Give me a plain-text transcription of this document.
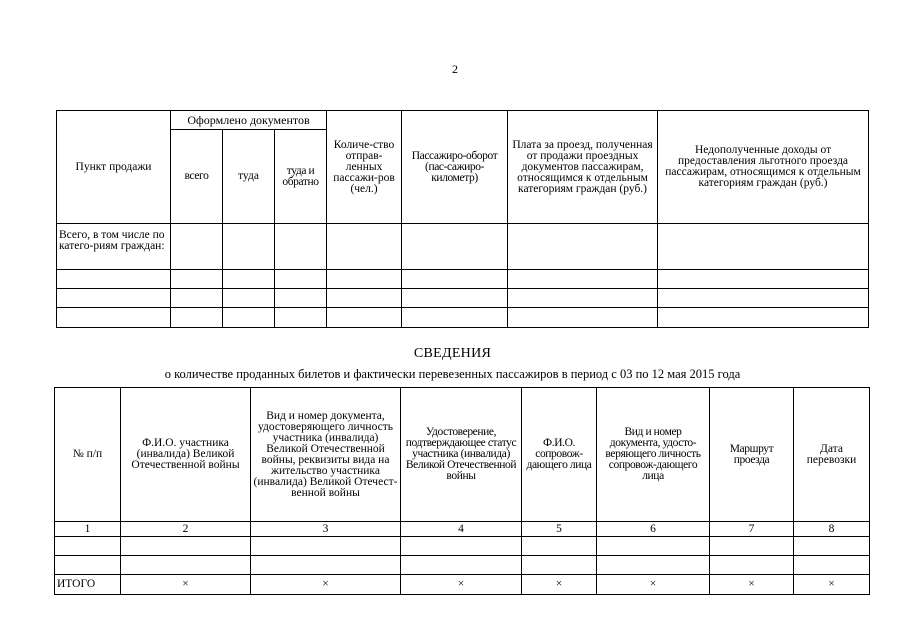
2
Пункт продажи	Оформлено документов			Количе-ство отправ-ленных пассажи-ров (чел.)	Пассажиро-оборот (пас-сажиро-километр)	Плата за проезд, полученная от продажи проездных документов пассажирам, относящимся к отдельным категориям граждан (руб.)	Недополученные доходы от предоставления льготного проезда пассажирам, относящимся к отдельным категориям граждан (руб.)
	всего	туда	туда и обратно				
Всего, в том числе по катего-риям граждан:							

СВЕДЕНИЯ
о количестве проданных билетов и фактически перевезенных пассажиров в период с 03 по 12 мая 2015 года
№ п/п	Ф.И.О. участника (инвалида) Великой Отечественной войны	Вид и номер документа, удостоверяющего личность участника (инвалида) Великой Отечественной войны, реквизиты вида на жительство участника (инвалида) Великой Отечест-венной войны	Удостоверение, подтверждающее статус участника (инвалида) Великой Отечественной войны	Ф.И.О. сопровож-дающего лица	Вид и номер документа, удосто-веряющего личность сопровож-дающего лица	Маршрут проезда	Дата перевозки
1	2	3	4	5	6	7	8

ИТОГО	×	×	×	×	×	×	×
